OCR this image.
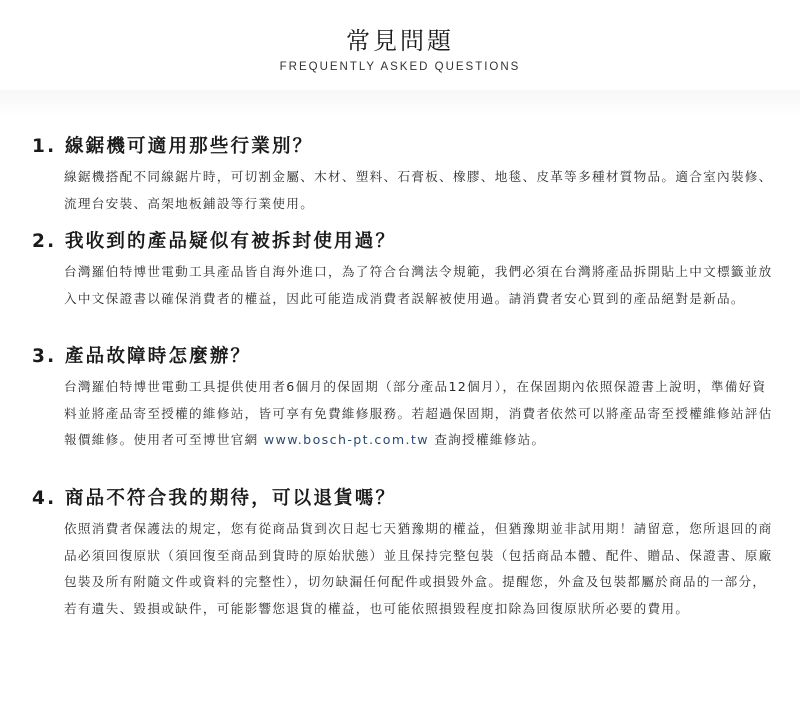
常見問題
FREQUENTLY ASKED QUESTIONS
1. 線鋸機可適用那些行業別？
線鋸機搭配不同線鋸片時，可切割金屬、木材、塑料、石膏板、橡膠、地毯、皮革等多種材質物品。適合室內裝修、流理台安裝、高架地板鋪設等行業使用。
2. 我收到的產品疑似有被拆封使用過？
台灣羅伯特博世電動工具產品皆自海外進口，為了符合台灣法令規範，我們必須在台灣將產品拆開貼上中文標籤並放入中文保證書以確保消費者的權益，因此可能造成消費者誤解被使用過。請消費者安心買到的產品絕對是新品。
3. 產品故障時怎麼辦？
台灣羅伯特博世電動工具提供使用者6個月的保固期（部分產品12個月），在保固期內依照保證書上說明，準備好資料並將產品寄至授權的維修站，皆可享有免費維修服務。若超過保固期，消費者依然可以將產品寄至授權維修站評估報價維修。使用者可至博世官網 www.bosch-pt.com.tw 查詢授權維修站。
4. 商品不符合我的期待，可以退貨嗎？
依照消費者保護法的規定，您有從商品貨到次日起七天猶豫期的權益，但猶豫期並非試用期！請留意，您所退回的商品必須回復原狀（須回復至商品到貨時的原始狀態）並且保持完整包裝（包括商品本體、配件、贈品、保證書、原廠包裝及所有附隨文件或資料的完整性），切勿缺漏任何配件或損毀外盒。提醒您，外盒及包裝都屬於商品的一部分，若有遺失、毀損或缺件，可能影響您退貨的權益，也可能依照損毀程度扣除為回復原狀所必要的費用。
